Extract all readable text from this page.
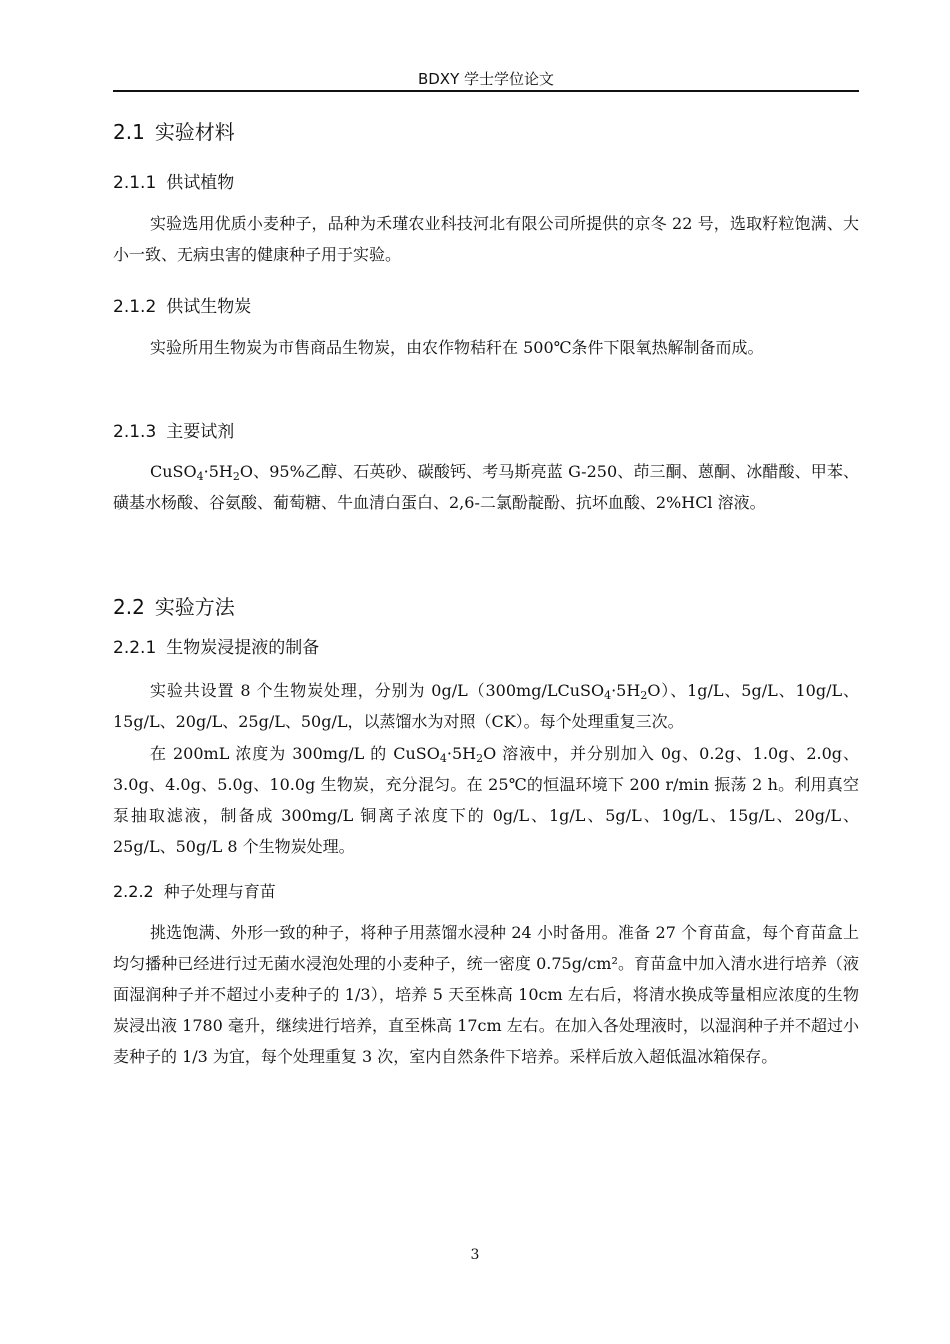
BDXY 学士学位论文
2.1 实验材料
2.1.1 供试植物

实验选用优质小麦种子，品种为禾瑾农业科技河北有限公司所提供的京冬 22 号，选取籽粒饱满、大小一致、无病虫害的健康种子用于实验。

2.1.2 供试生物炭

实验所用生物炭为市售商品生物炭，由农作物秸秆在 500℃条件下限氧热解制备而成。

2.1.3 主要试剂

$CuSO_4\cdot 5H_2O$、95%乙醇、石英砂、碳酸钙、考马斯亮蓝 G-250、茚三酮、蒽酮、冰醋酸、甲苯、磺基水杨酸、谷氨酸、葡萄糖、牛血清白蛋白、2,6-二氯酚靛酚、抗坏血酸、2%HCl 溶液。

2.2 实验方法
2.2.1 生物炭浸提液的制备

实验共设置 8 个生物炭处理，分别为 $0g/L(300mg/LCuSO_4\cdot 5H_2O)$、1g/L、5g/L、10g/L、15g/L、20g/L、25g/L、50g/L，以蒸馏水为对照（CK）。每个处理重复三次。

在 200mL 浓度为 300mg/L 的 $CuSO_4\cdot 5H_2O$ 溶液中，并分别加入 0g、0.2g、1.0g、2.0g、3.0g、4.0g、5.0g、10.0g 生物炭，充分混匀。在 25℃的恒温环境下 200 r/min 振荡 2 h。利用真空泵抽取滤液，制备成 300mg/L 铜离子浓度下的 0g/L、1g/L、5g/L、10g/L、15g/L、20g/L、25g/L、50g/L 8 个生物炭处理。

2.2.2 种子处理与育苗

挑选饱满、外形一致的种子，将种子用蒸馏水浸种 24 小时备用。准备 27 个育苗盒，每个育苗盒上均匀播种已经进行过无菌水浸泡处理的小麦种子，统一密度 0.75g/cm²。育苗盒中加入清水进行培养（液面湿润种子并不超过小麦种子的 1/3），培养 5 天至株高 10cm 左右后，将清水换成等量相应浓度的生物炭浸出液 1780 毫升，继续进行培养，直至株高 17cm 左右。在加入各处理液时，以湿润种子并不超过小麦种子的 1/3 为宜，每个处理重复 3 次，室内自然条件下培养。采样后放入超低温冰箱保存。

3
